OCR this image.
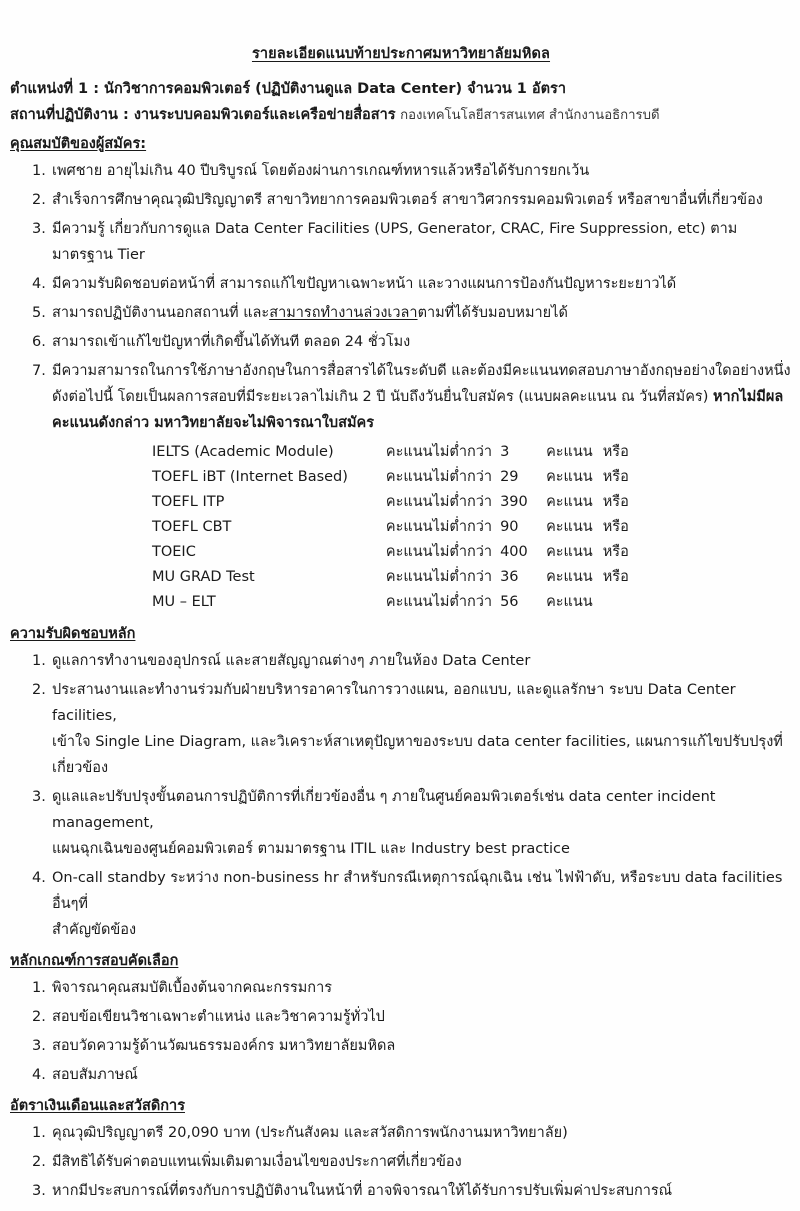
รายละเอียดแนบท้ายประกาศมหาวิทยาลัยมหิดล

ตำแหน่งที่ 1 : นักวิชาการคอมพิวเตอร์ (ปฏิบัติงานดูแล Data Center) จำนวน 1 อัตรา

สถานที่ปฏิบัติงาน : งานระบบคอมพิวเตอร์และเครือข่ายสื่อสาร กองเทคโนโลยีสารสนเทศ สำนักงานอธิการบดี

คุณสมบัติของผู้สมัคร:
1. เพศชาย อายุไม่เกิน 40 ปีบริบูรณ์ โดยต้องผ่านการเกณฑ์ทหารแล้วหรือได้รับการยกเว้น
2. สำเร็จการศึกษาคุณวุฒิปริญญาตรี สาขาวิทยาการคอมพิวเตอร์ สาขาวิศวกรรมคอมพิวเตอร์ หรือสาขาอื่นที่เกี่ยวข้อง
3. มีความรู้ เกี่ยวกับการดูแล Data Center Facilities (UPS, Generator, CRAC, Fire Suppression, etc) ตามมาตรฐาน Tier
4. มีความรับผิดชอบต่อหน้าที่ สามารถแก้ไขปัญหาเฉพาะหน้า และวางแผนการป้องกันปัญหาระยะยาวได้
5. สามารถปฏิบัติงานนอกสถานที่ และสามารถทำงานล่วงเวลาตามที่ได้รับมอบหมายได้
6. สามารถเข้าแก้ไขปัญหาที่เกิดขึ้นได้ทันที ตลอด 24 ชั่วโมง
7. มีความสามารถในการใช้ภาษาอังกฤษในการสื่อสารได้ในระดับดี และต้องมีคะแนนทดสอบภาษาอังกฤษอย่างใดอย่างหนึ่ง
ดังต่อไปนี้ โดยเป็นผลการสอบที่มีระยะเวลาไม่เกิน 2 ปี นับถึงวันยื่นใบสมัคร (แนบผลคะแนน ณ วันที่สมัคร) หากไม่มีผล
คะแนนดังกล่าว มหาวิทยาลัยจะไม่พิจารณาใบสมัคร
IELTS (Academic Module)	คะแนนไม่ต่ำกว่า	3	คะแนน	หรือ
TOEFL iBT (Internet Based)	คะแนนไม่ต่ำกว่า	29	คะแนน	หรือ
TOEFL ITP	คะแนนไม่ต่ำกว่า	390	คะแนน	หรือ
TOEFL CBT	คะแนนไม่ต่ำกว่า	90	คะแนน	หรือ
TOEIC	คะแนนไม่ต่ำกว่า	400	คะแนน	หรือ
MU GRAD Test	คะแนนไม่ต่ำกว่า	36	คะแนน	หรือ
MU – ELT	คะแนนไม่ต่ำกว่า	56	คะแนน	
ความรับผิดชอบหลัก
1. ดูแลการทำงานของอุปกรณ์ และสายสัญญาณต่างๆ ภายในห้อง Data Center
2. ประสานงานและทำงานร่วมกับฝ่ายบริหารอาคารในการวางแผน, ออกแบบ, และดูแลรักษา ระบบ Data Center facilities,
เข้าใจ Single Line Diagram, และวิเคราะห์สาเหตุปัญหาของระบบ data center facilities, แผนการแก้ไขปรับปรุงที่
เกี่ยวข้อง
3. ดูแลและปรับปรุงขั้นตอนการปฏิบัติการที่เกี่ยวข้องอื่น ๆ ภายในศูนย์คอมพิวเตอร์เช่น data center incident management,
แผนฉุกเฉินของศูนย์คอมพิวเตอร์ ตามมาตรฐาน ITIL และ Industry best practice
4. On-call standby ระหว่าง non-business hr สำหรับกรณีเหตุการณ์ฉุกเฉิน เช่น ไฟฟ้าดับ, หรือระบบ data facilities อื่นๆที่
สำคัญขัดข้อง
หลักเกณฑ์การสอบคัดเลือก
1. พิจารณาคุณสมบัติเบื้องต้นจากคณะกรรมการ
2. สอบข้อเขียนวิชาเฉพาะตำแหน่ง และวิชาความรู้ทั่วไป
3. สอบวัดความรู้ด้านวัฒนธรรมองค์กร มหาวิทยาลัยมหิดล
4. สอบสัมภาษณ์
อัตราเงินเดือนและสวัสดิการ
1. คุณวุฒิปริญญาตรี 20,090 บาท (ประกันสังคม และสวัสดิการพนักงานมหาวิทยาลัย)
2. มีสิทธิได้รับค่าตอบแทนเพิ่มเติมตามเงื่อนไขของประกาศที่เกี่ยวข้อง
3. หากมีประสบการณ์ที่ตรงกับการปฏิบัติงานในหน้าที่ อาจพิจารณาให้ได้รับการปรับเพิ่มค่าประสบการณ์
